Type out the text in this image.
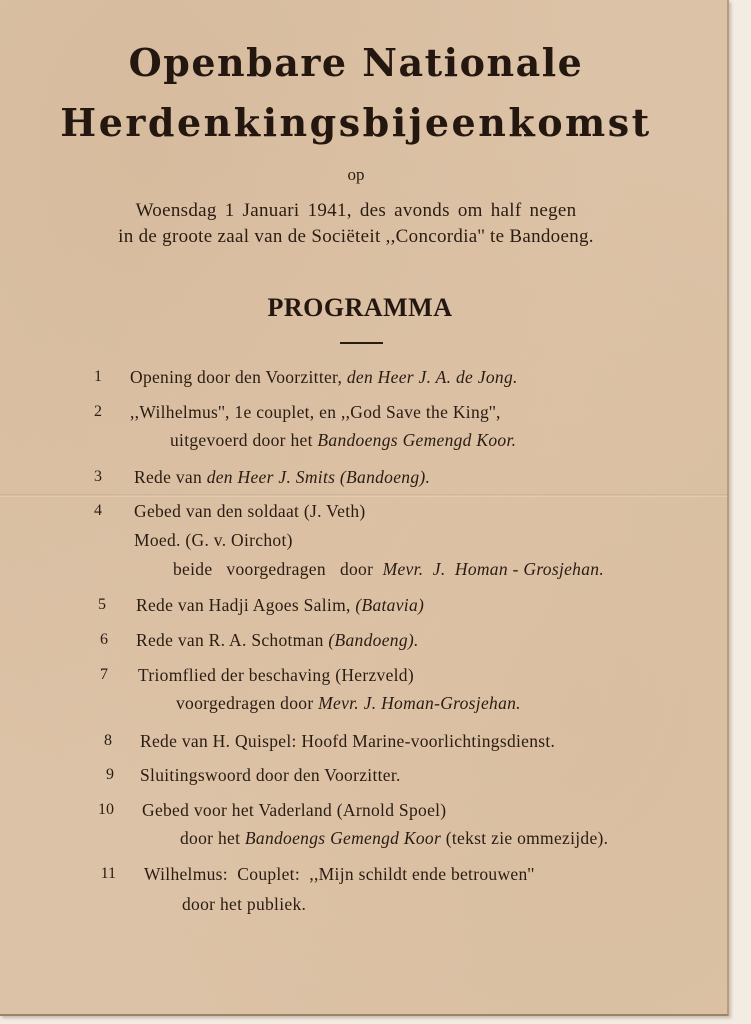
Openbare Nationale
Herdenkingsbijeenkomst
op
Woensdag 1 Januari 1941, des avonds om half negen
in de groote zaal van de Sociëteit ,,Concordia'' te Bandoeng.
PROGRAMMA
1 Opening door den Voorzitter, den Heer J. A. de Jong.
2 ,,Wilhelmus'', 1e couplet, en ,,God Save the King'',
uitgevoerd door het Bandoengs Gemengd Koor.
3 Rede van den Heer J. Smits (Bandoeng).
4 Gebed van den soldaat (J. Veth)
Moed. (G. v. Oirchot)
beide   voorgedragen   door  Mevr.  J.  Homan - Grosjehan.
5 Rede van Hadji Agoes Salim, (Batavia)
6 Rede van R. A. Schotman (Bandoeng).
7 Triomflied der beschaving (Herzveld)
voorgedragen door Mevr. J. Homan-Grosjehan.
8 Rede van H. Quispel: Hoofd Marine-voorlichtingsdienst.
9 Sluitingswoord door den Voorzitter.
10 Gebed voor het Vaderland (Arnold Spoel)
door het Bandoengs Gemengd Koor (tekst zie ommezijde).
11 Wilhelmus:  Couplet:  ,,Mijn schildt ende betrouwen''
door het publiek.
